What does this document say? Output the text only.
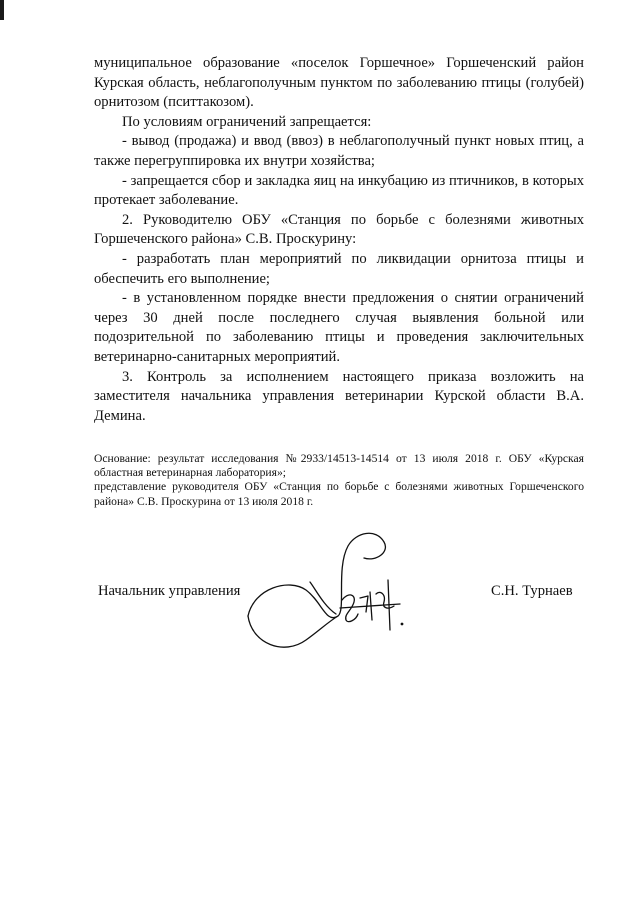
муниципальное образование «поселок Горшечное» Горшеченский район Курская область, неблагополучным пунктом по заболеванию птицы (голубей) орнитозом (пситтакозом).

По условиям ограничений запрещается:

- вывод (продажа) и ввод (ввоз) в неблагополучный пункт новых птиц, а также перегруппировка их внутри хозяйства;

- запрещается сбор и закладка яиц на инкубацию из птичников, в которых протекает заболевание.

2. Руководителю ОБУ «Станция по борьбе с болезнями животных Горшеченского района» С.В. Проскурину:

- разработать план мероприятий по ликвидации орнитоза птицы и обеспечить его выполнение;

- в установленном порядке внести предложения о снятии ограничений через 30 дней после последнего случая выявления больной или подозрительной по заболеванию птицы и проведения заключительных ветеринарно-санитарных мероприятий.

3. Контроль за исполнением настоящего приказа возложить на заместителя начальника управления ветеринарии Курской области В.А. Демина.

Основание: результат исследования №2933/14513-14514 от 13 июля 2018 г. ОБУ «Курская областная ветеринарная лаборатория»;

представление руководителя ОБУ «Станция по борьбе с болезнями животных Горшеченского района» С.В. Проскурина от 13 июля 2018 г.

Начальник управления	С.Н. Турнаев
